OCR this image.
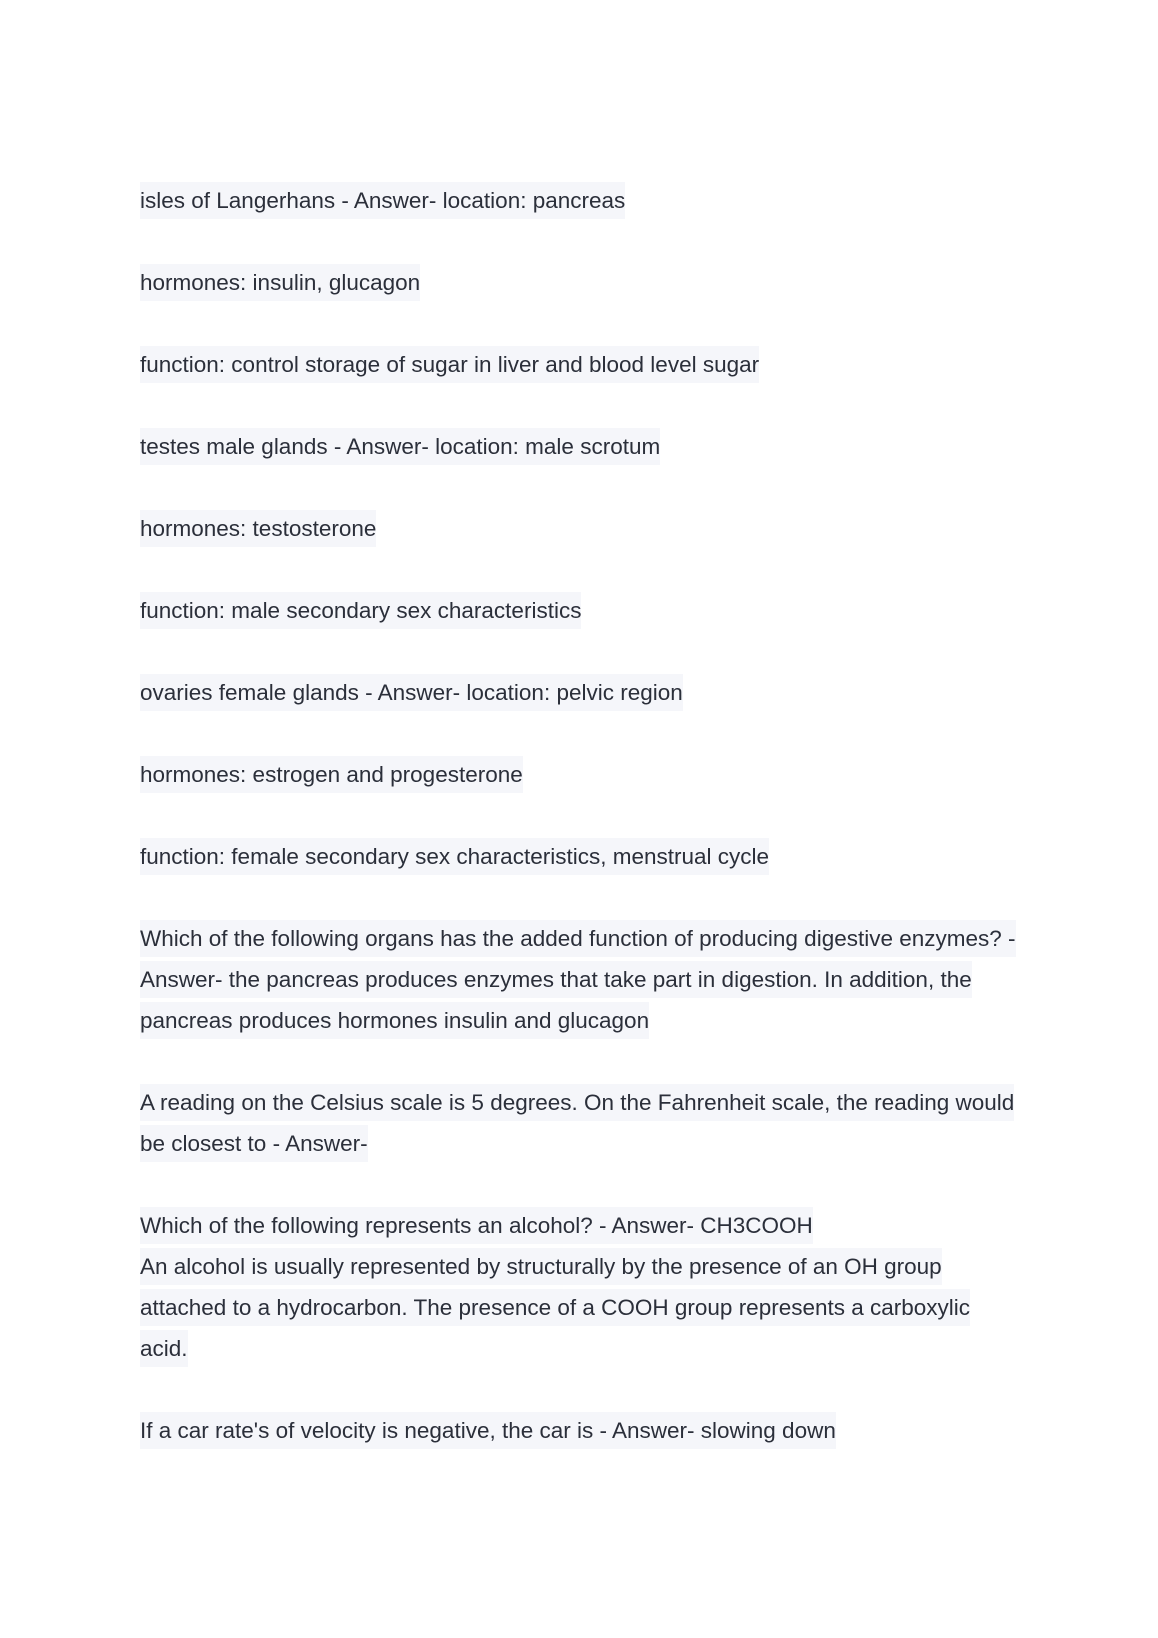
isles of Langerhans - Answer- location: pancreas

hormones: insulin, glucagon

function: control storage of sugar in liver and blood level sugar

testes male glands - Answer- location: male scrotum

hormones: testosterone

function: male secondary sex characteristics

ovaries female glands - Answer- location: pelvic region

hormones: estrogen and progesterone

function: female secondary sex characteristics, menstrual cycle

Which of the following organs has the added function of producing digestive enzymes? - Answer- the pancreas produces enzymes that take part in digestion. In addition, the pancreas produces hormones insulin and glucagon

A reading on the Celsius scale is 5 degrees. On the Fahrenheit scale, the reading would be closest to - Answer-

Which of the following represents an alcohol? - Answer- CH3COOH
An alcohol is usually represented by structurally by the presence of an OH group attached to a hydrocarbon. The presence of a COOH group represents a carboxylic acid.

If a car rate's of velocity is negative, the car is - Answer- slowing down
